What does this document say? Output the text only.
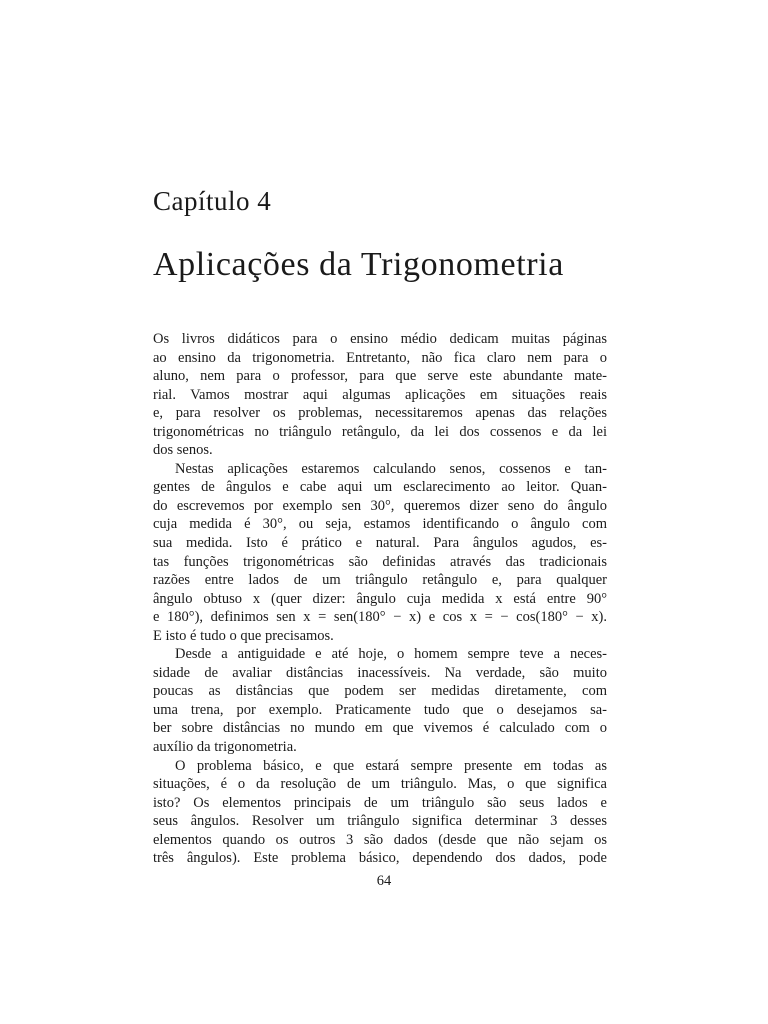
Capítulo 4
Aplicações da Trigonometria
Os livros didáticos para o ensino médio dedicam muitas páginas
ao ensino da trigonometria. Entretanto, não fica claro nem para o
aluno, nem para o professor, para que serve este abundante mate-
rial. Vamos mostrar aqui algumas aplicações em situações reais
e, para resolver os problemas, necessitaremos apenas das relações
trigonométricas no triângulo retângulo, da lei dos cossenos e da lei
dos senos.
Nestas aplicações estaremos calculando senos, cossenos e tan-
gentes de ângulos e cabe aqui um esclarecimento ao leitor. Quan-
do escrevemos por exemplo sen 30°, queremos dizer seno do ângulo
cuja medida é 30°, ou seja, estamos identificando o ângulo com
sua medida. Isto é prático e natural. Para ângulos agudos, es-
tas funções trigonométricas são definidas através das tradicionais
razões entre lados de um triângulo retângulo e, para qualquer
ângulo obtuso x (quer dizer: ângulo cuja medida x está entre 90°
e 180°), definimos sen x = sen(180° − x) e cos x = − cos(180° − x).
E isto é tudo o que precisamos.
Desde a antiguidade e até hoje, o homem sempre teve a neces-
sidade de avaliar distâncias inacessíveis. Na verdade, são muito
poucas as distâncias que podem ser medidas diretamente, com
uma trena, por exemplo. Praticamente tudo que o desejamos sa-
ber sobre distâncias no mundo em que vivemos é calculado com o
auxílio da trigonometria.
O problema básico, e que estará sempre presente em todas as
situações, é o da resolução de um triângulo. Mas, o que significa
isto? Os elementos principais de um triângulo são seus lados e
seus ângulos. Resolver um triângulo significa determinar 3 desses
elementos quando os outros 3 são dados (desde que não sejam os
três ângulos). Este problema básico, dependendo dos dados, pode
64
